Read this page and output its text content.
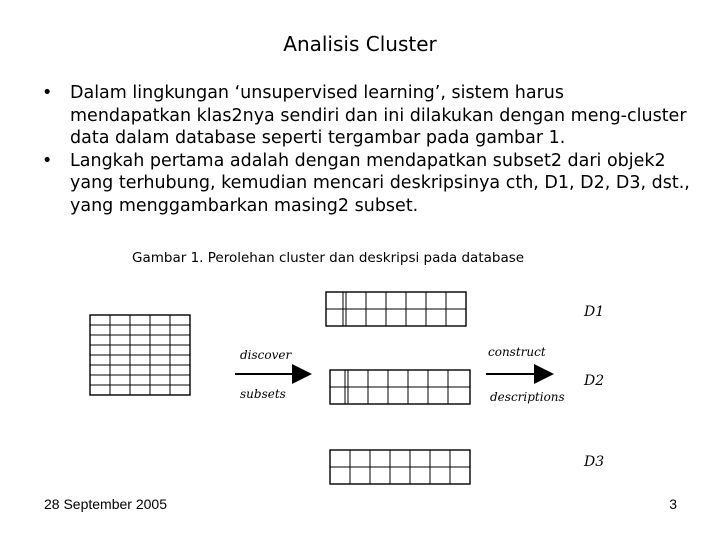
Analisis Cluster
• Dalam lingkungan ‘unsupervised learning’, sistem harus mendapatkan klas2nya sendiri dan ini dilakukan dengan meng-cluster data dalam database seperti tergambar pada gambar 1.
• Langkah pertama adalah dengan mendapatkan subset2 dari objek2 yang terhubung, kemudian mencari deskripsinya cth, D1, D2, D3, dst., yang menggambarkan masing2 subset.
Gambar 1. Perolehan cluster dan deskripsi pada database
discover
subsets
construct
descriptions
D1
D2
D3
28 September 2005	3
